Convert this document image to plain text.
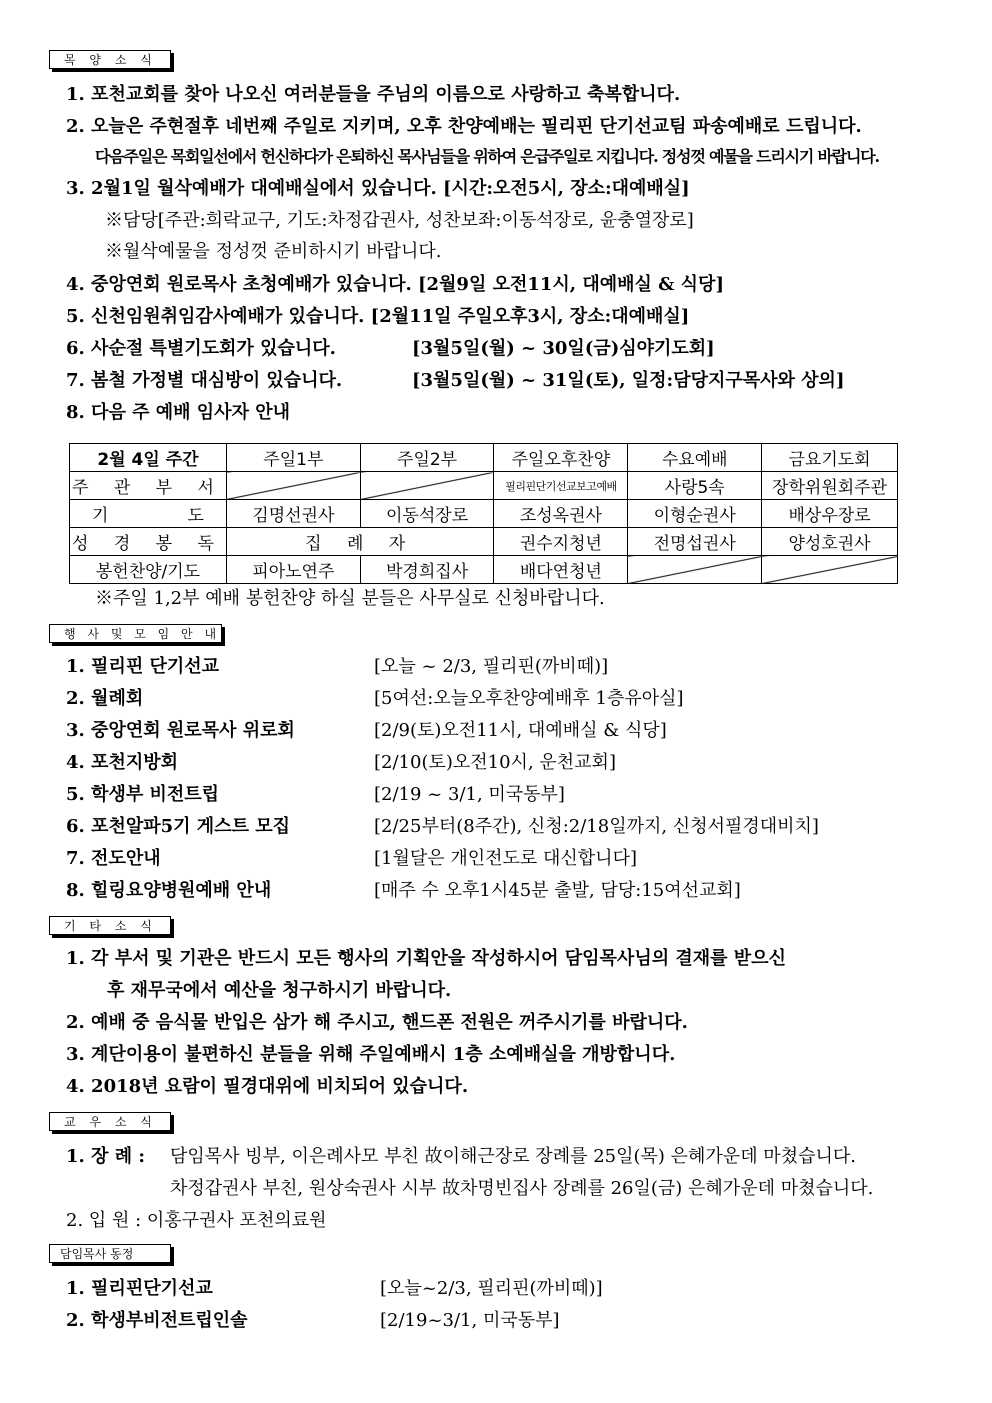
목 양 소 식
1. 포천교회를 찾아 나오신 여러분들을 주님의 이름으로 사랑하고 축복합니다.
2. 오늘은 주현절후 네번째 주일로 지키며, 오후 찬양예배는 필리핀 단기선교팀 파송예배로 드립니다.
다음주일은 목회일선에서 헌신하다가 은퇴하신 목사님들을 위하여 은급주일로 지킵니다. 정성껏 예물을 드리시기 바랍니다.
3. 2월1일 월삭예배가 대예배실에서 있습니다. [시간:오전5시, 장소:대예배실]
※담당[주관:희락교구, 기도:차정갑권사, 성찬보좌:이동석장로, 윤충열장로]
※월삭예물을 정성껏 준비하시기 바랍니다.
4. 중앙연회 원로목사 초청예배가 있습니다. [2월9일 오전11시, 대예배실 & 식당]
5. 신천임원취임감사예배가 있습니다. [2월11일 주일오후3시, 장소:대예배실]
6. 사순절 특별기도회가 있습니다.	[3월5일(월) ~ 30일(금)심야기도회]
7. 봄철 가정별 대심방이 있습니다.	[3월5일(월) ~ 31일(토), 일정:담당지구목사와 상의]
8. 다음 주 예배 임사자 안내
2월 4일 주간	주일1부	주일2부	주일오후찬양	수요예배	금요기도회
주 관 부 서			필리핀단기선교보고예배	사랑5속	장학위원회주관
기 도	김명선권사	이동석장로	조성옥권사	이형순권사	배상우장로
성 경 봉 독	집 례 자		권수지청년	전명섭권사	양성호권사
봉헌찬양/기도	피아노연주	박경희집사	배다연청년		
※주일 1,2부 예배 봉헌찬양 하실 분들은 사무실로 신청바랍니다.
행 사 및 모 임 안 내
1. 필리핀 단기선교	[오늘 ~ 2/3, 필리핀(까비떼)]
2. 월례회	[5여선:오늘오후찬양예배후 1층유아실]
3. 중앙연회 원로목사 위로회	[2/9(토)오전11시, 대예배실 & 식당]
4. 포천지방회	[2/10(토)오전10시, 운천교회]
5. 학생부 비전트립	[2/19 ~ 3/1, 미국동부]
6. 포천알파5기 게스트 모집	[2/25부터(8주간), 신청:2/18일까지, 신청서필경대비치]
7. 전도안내	[1월달은 개인전도로 대신합니다]
8. 힐링요양병원예배 안내	[매주 수 오후1시45분 출발, 담당:15여선교회]
기 타 소 식
1. 각 부서 및 기관은 반드시 모든 행사의 기획안을 작성하시어 담임목사님의 결재를 받으신
후 재무국에서 예산을 청구하시기 바랍니다.
2. 예배 중 음식물 반입은 삼가 해 주시고, 핸드폰 전원은 꺼주시기를 바랍니다.
3. 계단이용이 불편하신 분들을 위해 주일예배시 1층 소예배실을 개방합니다.
4. 2018년 요람이 필경대위에 비치되어 있습니다.
교 우 소 식
1. 장 례 : 담임목사 빙부, 이은례사모 부친 故이해근장로 장례를 25일(목) 은혜가운데 마쳤습니다.
차정갑권사 부친, 원상숙권사 시부 故차명빈집사 장례를 26일(금) 은혜가운데 마쳤습니다.
2. 입 원 : 이홍구권사 포천의료원
담임목사 동정
1. 필리핀단기선교	[오늘~2/3, 필리핀(까비떼)]
2. 학생부비전트립인솔	[2/19~3/1, 미국동부]
